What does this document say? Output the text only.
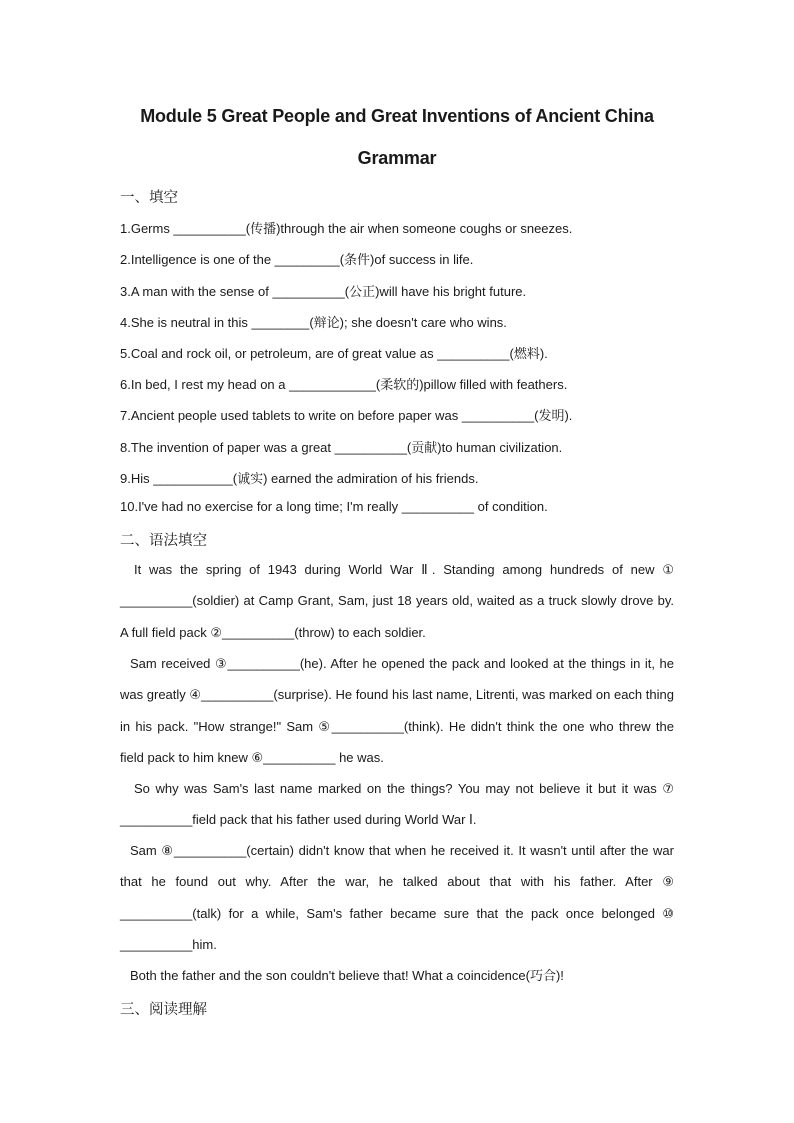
Module 5 Great People and Great Inventions of Ancient China
Grammar
一、填空
1.Germs __________(传播)through the air when someone coughs or sneezes.
2.Intelligence is one of the _________(条件)of success in life.
3.A man with the sense of __________(公正)will have his bright future.
4.She is neutral in this ________(辩论); she doesn't care who wins.
5.Coal and rock oil, or petroleum, are of great value as __________(燃料).
6.In bed, I rest my head on a ____________(柔软的)pillow filled with feathers.
7.Ancient people used tablets to write on before paper was __________(发明).
8.The invention of paper was a great __________(贡献)to human civilization.
9.His ___________(诚实) earned the admiration of his friends.
10.I've had no exercise for a long time; I'm really __________ of condition.
二、语法填空
It was the spring of 1943 during World War Ⅱ. Standing among hundreds of new ① __________(soldier) at Camp Grant, Sam, just 18 years old, waited as a truck slowly drove by. A full field pack ②__________(throw) to each soldier.
Sam received ③__________(he). After he opened the pack and looked at the things in it, he was greatly ④__________(surprise). He found his last name, Litrenti, was marked on each thing in his pack. "How strange!" Sam ⑤__________(think). He didn't think the one who threw the field pack to him knew ⑥__________ he was.
So why was Sam's last name marked on the things? You may not believe it but it was ⑦ __________field pack that his father used during World War Ⅰ.
Sam ⑧__________(certain) didn't know that when he received it. It wasn't until after the war that he found out why. After the war, he talked about that with his father. After ⑨ __________(talk) for a while, Sam's father became sure that the pack once belonged ⑩ __________him.
Both the father and the son couldn't believe that! What a coincidence(巧合)!
三、阅读理解
